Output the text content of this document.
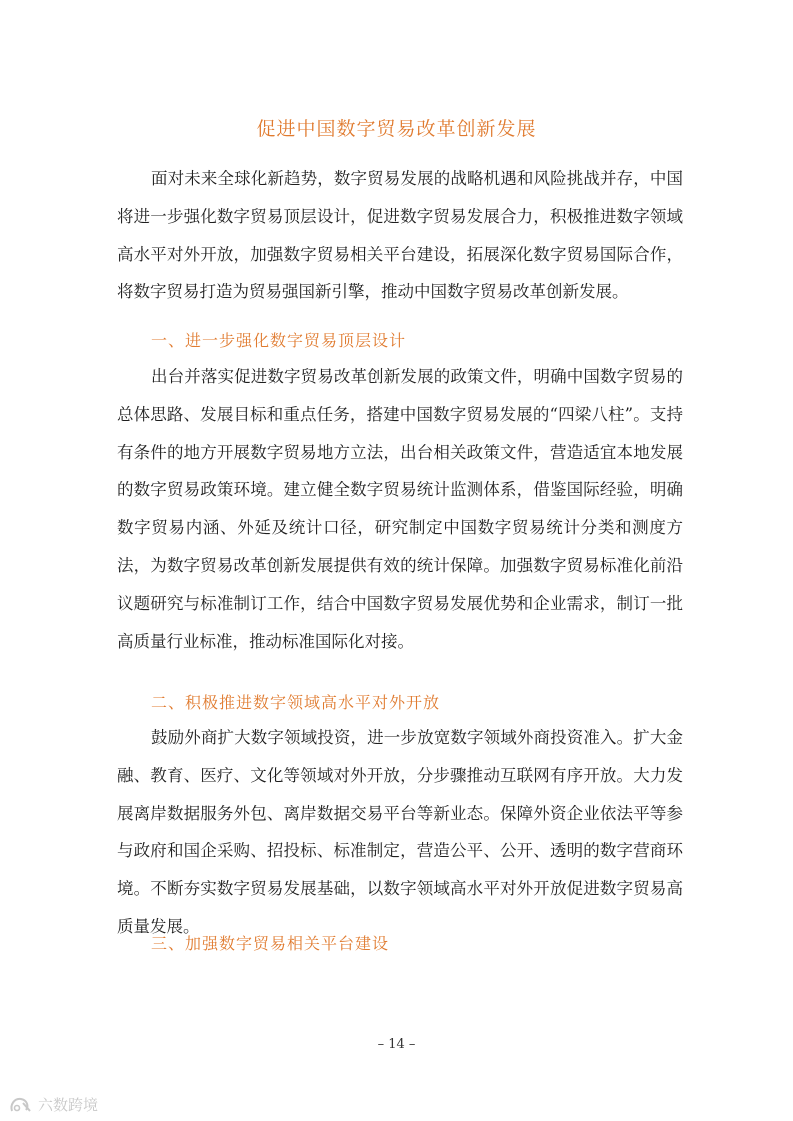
促进中国数字贸易改革创新发展

面对未来全球化新趋势，数字贸易发展的战略机遇和风险挑战并存，中国将进一步强化数字贸易顶层设计，促进数字贸易发展合力，积极推进数字领域高水平对外开放，加强数字贸易相关平台建设，拓展深化数字贸易国际合作，将数字贸易打造为贸易强国新引擎，推动中国数字贸易改革创新发展。

一、进一步强化数字贸易顶层设计

出台并落实促进数字贸易改革创新发展的政策文件，明确中国数字贸易的总体思路、发展目标和重点任务，搭建中国数字贸易发展的“四梁八柱”。支持有条件的地方开展数字贸易地方立法，出台相关政策文件，营造适宜本地发展的数字贸易政策环境。建立健全数字贸易统计监测体系，借鉴国际经验，明确数字贸易内涵、外延及统计口径，研究制定中国数字贸易统计分类和测度方法，为数字贸易改革创新发展提供有效的统计保障。加强数字贸易标准化前沿议题研究与标准制订工作，结合中国数字贸易发展优势和企业需求，制订一批高质量行业标准，推动标准国际化对接。

二、积极推进数字领域高水平对外开放

鼓励外商扩大数字领域投资，进一步放宽数字领域外商投资准入。扩大金融、教育、医疗、文化等领域对外开放，分步骤推动互联网有序开放。大力发展离岸数据服务外包、离岸数据交易平台等新业态。保障外资企业依法平等参与政府和国企采购、招投标、标准制定，营造公平、公开、透明的数字营商环境。不断夯实数字贸易发展基础，以数字领域高水平对外开放促进数字贸易高质量发展。

三、加强数字贸易相关平台建设
– 14 –
六数跨境
